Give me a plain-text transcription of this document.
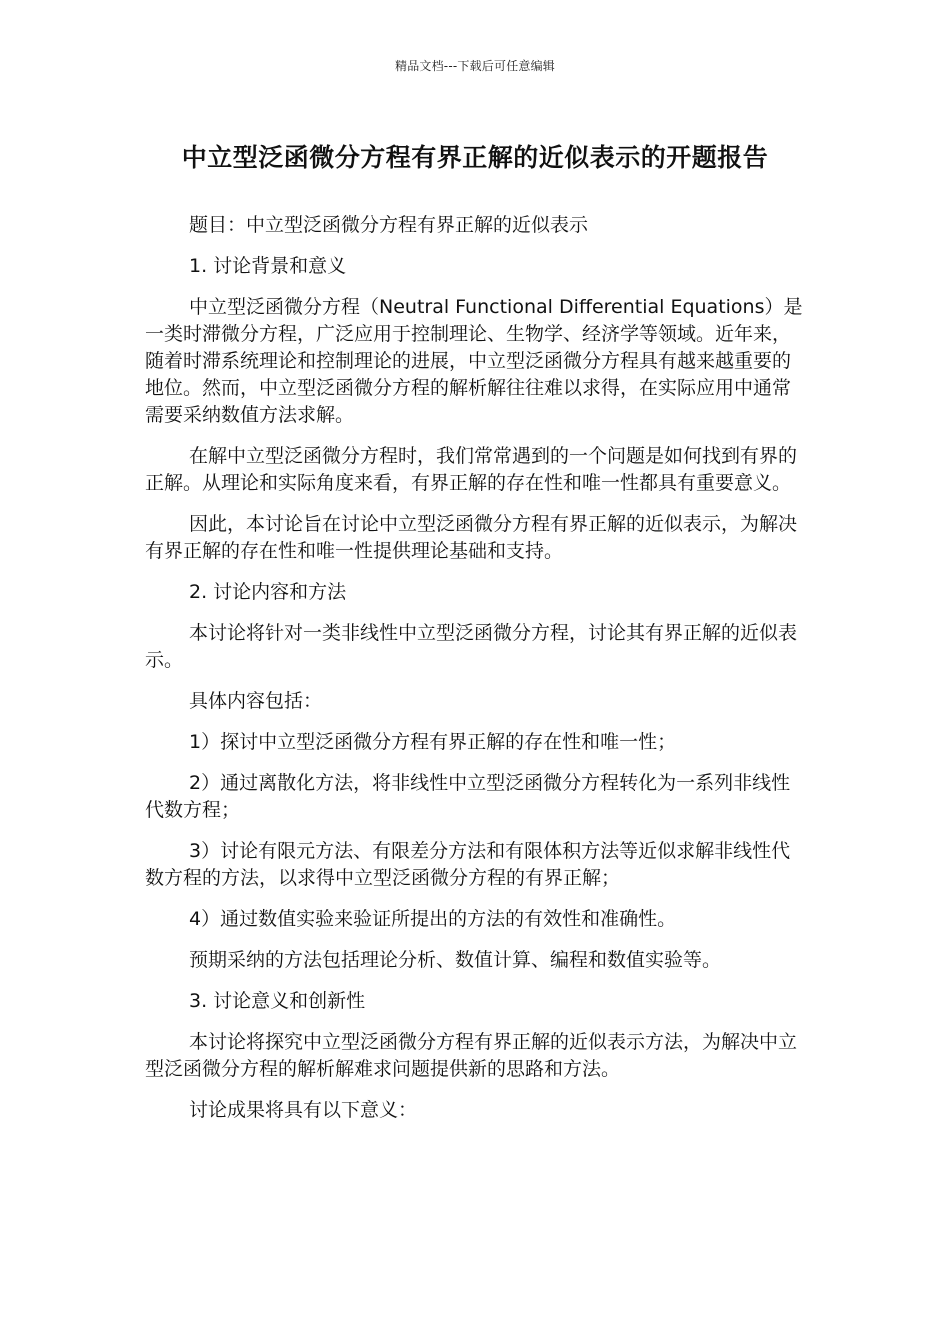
精品文档---下载后可任意编辑
中立型泛函微分方程有界正解的近似表示的开题报告

题目：中立型泛函微分方程有界正解的近似表示

1. 讨论背景和意义

中立型泛函微分方程（Neutral Functional Differential Equations）是一类时滞微分方程，广泛应用于控制理论、生物学、经济学等领域。近年来，随着时滞系统理论和控制理论的进展，中立型泛函微分方程具有越来越重要的地位。然而，中立型泛函微分方程的解析解往往难以求得，在实际应用中通常需要采纳数值方法求解。

在解中立型泛函微分方程时，我们常常遇到的一个问题是如何找到有界的正解。从理论和实际角度来看，有界正解的存在性和唯一性都具有重要意义。

因此，本讨论旨在讨论中立型泛函微分方程有界正解的近似表示，为解决有界正解的存在性和唯一性提供理论基础和支持。

2. 讨论内容和方法

本讨论将针对一类非线性中立型泛函微分方程，讨论其有界正解的近似表示。

具体内容包括：

1）探讨中立型泛函微分方程有界正解的存在性和唯一性；

2）通过离散化方法，将非线性中立型泛函微分方程转化为一系列非线性代数方程；

3）讨论有限元方法、有限差分方法和有限体积方法等近似求解非线性代数方程的方法，以求得中立型泛函微分方程的有界正解；

4）通过数值实验来验证所提出的方法的有效性和准确性。

预期采纳的方法包括理论分析、数值计算、编程和数值实验等。

3. 讨论意义和创新性

本讨论将探究中立型泛函微分方程有界正解的近似表示方法，为解决中立型泛函微分方程的解析解难求问题提供新的思路和方法。

讨论成果将具有以下意义：
